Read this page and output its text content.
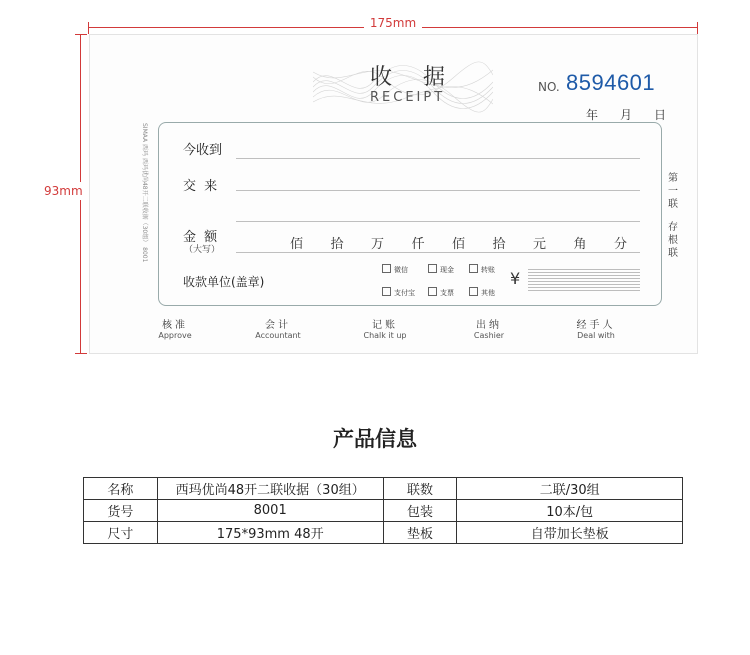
175mm
93mm
收 据
RECEIPT
NO. 8594601
年 月 日
SIMAA 西玛 西玛优尚48开二联收据（30组） 8001	今收到
交 来
金 额
（大写）	佰 拾 万 仟 佰 拾 元 角 分
收款单位(盖章)
微信	现金	转账
支付宝	支票	其他
¥
第一联
存根联
核准
Approve
会计
Accountant
记账
Chalk it up
出纳
Cashier
经手人
Deal with
产品信息
名称	西玛优尚48开二联收据（30组）	联数	二联/30组
货号	8001	包装	10本/包
尺寸	175*93mm 48开	垫板	自带加长垫板
